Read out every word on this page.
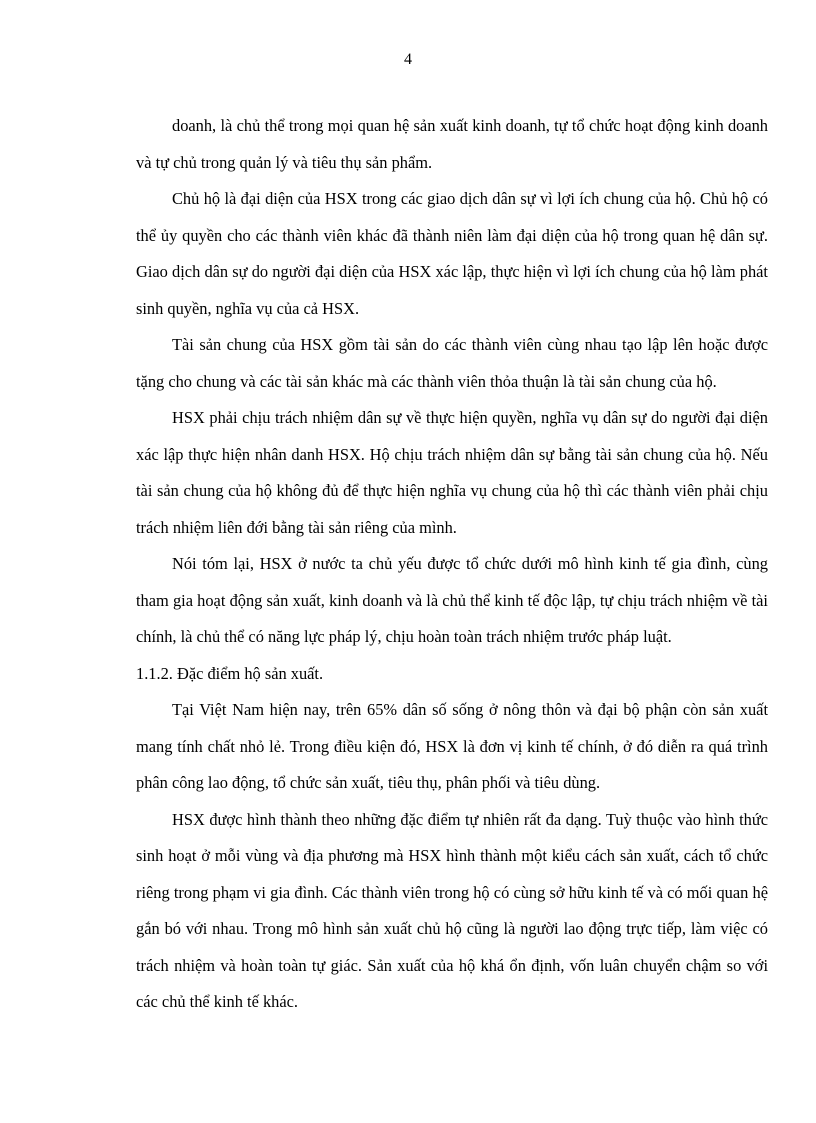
4

doanh, là chủ thể trong mọi quan hệ sản xuất kinh doanh, tự tổ chức hoạt động kinh doanh và tự chủ trong quản lý và tiêu thụ sản phẩm.

Chủ hộ là đại diện của HSX trong các giao dịch dân sự vì lợi ích chung của hộ. Chủ hộ có thể ủy quyền cho các thành viên khác đã thành niên làm đại diện của hộ trong quan hệ dân sự. Giao dịch dân sự do người đại diện của HSX xác lập, thực hiện vì lợi ích chung của hộ làm phát sinh quyền, nghĩa vụ của cả HSX.

Tài sản chung của HSX gồm tài sản do các thành viên cùng nhau tạo lập lên hoặc được tặng cho chung và các tài sản khác mà các thành viên thỏa thuận là tài sản chung của hộ.

HSX phải chịu trách nhiệm dân sự về thực hiện quyền, nghĩa vụ dân sự do người đại diện xác lập thực hiện nhân danh HSX. Hộ chịu trách nhiệm dân sự bằng tài sản chung của hộ. Nếu tài sản chung của hộ không đủ để thực hiện nghĩa vụ chung của hộ thì các thành viên phải chịu trách nhiệm liên đới bằng tài sản riêng của mình.

Nói tóm lại, HSX ở nước ta chủ yếu được tổ chức dưới mô hình kinh tế gia đình, cùng tham gia hoạt động sản xuất, kinh doanh và là chủ thể kinh tế độc lập, tự chịu trách nhiệm về tài chính, là chủ thể có năng lực pháp lý, chịu hoàn toàn trách nhiệm trước pháp luật.

1.1.2. Đặc điểm hộ sản xuất.

Tại Việt Nam hiện nay, trên 65% dân số sống ở nông thôn và đại bộ phận còn sản xuất mang tính chất nhỏ lẻ. Trong điều kiện đó, HSX là đơn vị kinh tế chính, ở đó diễn ra quá trình phân công lao động, tổ chức sản xuất, tiêu thụ, phân phối và tiêu dùng.

HSX được hình thành theo những đặc điểm tự nhiên rất đa dạng. Tuỳ thuộc vào hình thức sinh hoạt ở mỗi vùng và địa phương mà HSX hình thành một kiểu cách sản xuất, cách tổ chức riêng trong phạm vi gia đình. Các thành viên trong hộ có cùng sở hữu kinh tế và có mối quan hệ gắn bó với nhau. Trong mô hình sản xuất chủ hộ cũng là người lao động trực tiếp, làm việc có trách nhiệm và hoàn toàn tự giác. Sản xuất của hộ khá ổn định, vốn luân chuyển chậm so với các chủ thể kinh tế khác.
